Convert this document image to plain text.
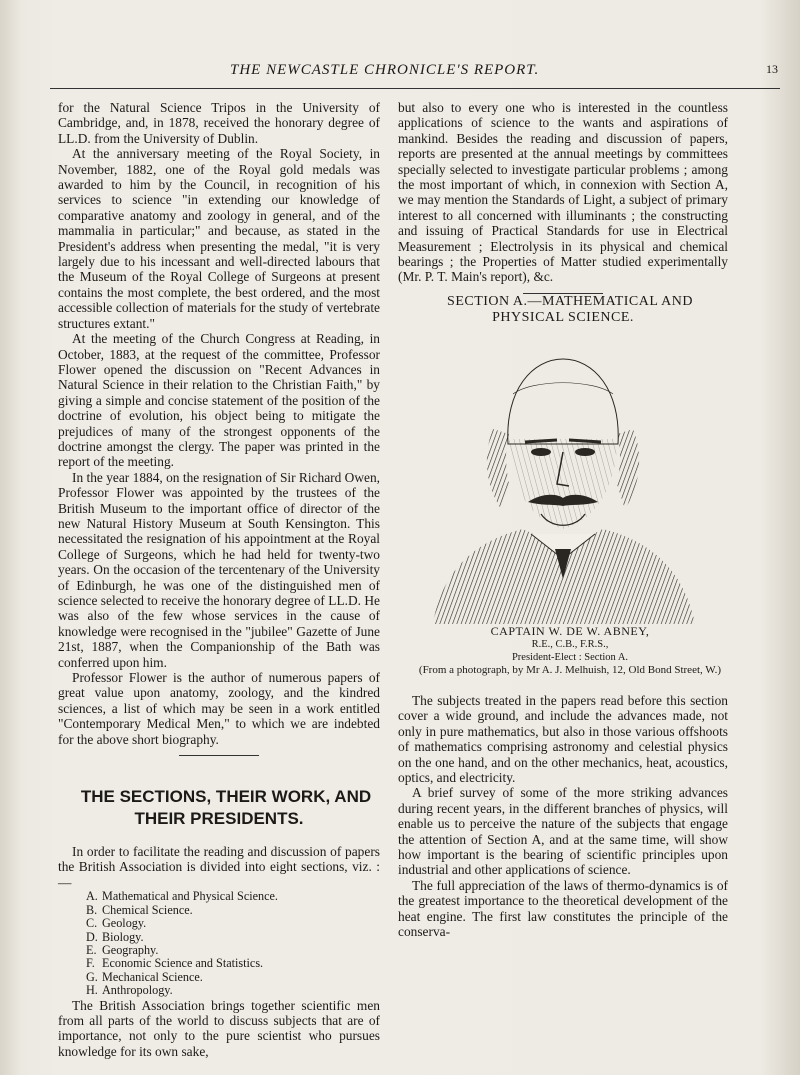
THE NEWCASTLE CHRONICLE'S REPORT.	13

for the Natural Science Tripos in the University of Cambridge, and, in 1878, received the honorary degree of LL.D. from the University of Dublin.

At the anniversary meeting of the Royal Society, in November, 1882, one of the Royal gold medals was awarded to him by the Council, in recognition of his services to science "in extending our knowledge of comparative anatomy and zoology in general, and of the mammalia in particular;" and because, as stated in the President's address when presenting the medal, "it is very largely due to his incessant and well-directed labours that the Museum of the Royal College of Surgeons at present contains the most complete, the best ordered, and the most accessible collection of materials for the study of vertebrate structures extant."

At the meeting of the Church Congress at Reading, in October, 1883, at the request of the committee, Professor Flower opened the discussion on "Recent Advances in Natural Science in their relation to the Christian Faith," by giving a simple and concise statement of the position of the doctrine of evolution, his object being to mitigate the prejudices of many of the strongest opponents of the doctrine amongst the clergy. The paper was printed in the report of the meeting.

In the year 1884, on the resignation of Sir Richard Owen, Professor Flower was appointed by the trustees of the British Museum to the important office of director of the new Natural History Museum at South Kensington. This necessitated the resignation of his appointment at the Royal College of Surgeons, which he had held for twenty-two years. On the occasion of the tercentenary of the University of Edinburgh, he was one of the distinguished men of science selected to receive the honorary degree of LL.D. He was also of the few whose services in the cause of knowledge were recognised in the "jubilee" Gazette of June 21st, 1887, when the Companionship of the Bath was conferred upon him.

Professor Flower is the author of numerous papers of great value upon anatomy, zoology, and the kindred sciences, a list of which may be seen in a work entitled "Contemporary Medical Men," to which we are indebted for the above short biography.

THE SECTIONS, THEIR WORK, AND THEIR PRESIDENTS.

In order to facilitate the reading and discussion of papers the British Association is divided into eight sections, viz. :—

A. Mathematical and Physical Science.
B. Chemical Science.
C. Geology.
D. Biology.
E. Geography.
F. Economic Science and Statistics.
G. Mechanical Science.
H. Anthropology.

The British Association brings together scientific men from all parts of the world to discuss subjects that are of importance, not only to the pure scientist who pursues knowledge for its own sake,

but also to every one who is interested in the countless applications of science to the wants and aspirations of mankind. Besides the reading and discussion of papers, reports are presented at the annual meetings by committees specially selected to investigate particular problems ; among the most important of which, in connexion with Section A, we may mention the Standards of Light, a subject of primary interest to all concerned with illuminants ; the constructing and issuing of Practical Standards for use in Electrical Measurement ; Electrolysis in its physical and chemical bearings ; the Properties of Matter studied experimentally (Mr. P. T. Main's report), &c.

SECTION A.—MATHEMATICAL AND PHYSICAL SCIENCE.

CAPTAIN W. DE W. ABNEY,

R.E., C.B., F.R.S.,

President-Elect : Section A.

(From a photograph, by Mr A. J. Melhuish, 12, Old Bond Street, W.)

The subjects treated in the papers read before this section cover a wide ground, and include the advances made, not only in pure mathematics, but also in those various offshoots of mathematics comprising astronomy and celestial physics on the one hand, and on the other mechanics, heat, acoustics, optics, and electricity.

A brief survey of some of the more striking advances during recent years, in the different branches of physics, will enable us to perceive the nature of the subjects that engage the attention of Section A, and at the same time, will show how important is the bearing of scientific principles upon industrial and other applications of science.

The full appreciation of the laws of thermo-dynamics is of the greatest importance to the theoretical development of the heat engine. The first law constitutes the principle of the conserva-
